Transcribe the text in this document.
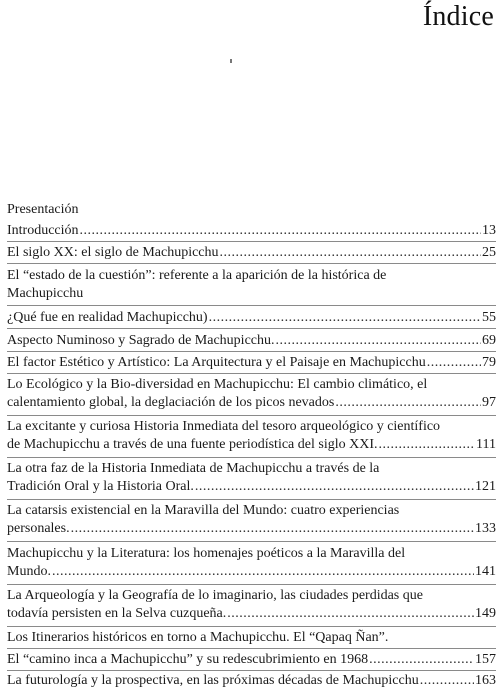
Índice
Presentación
Introducción .....	13
El siglo XX: el siglo de Machupicchu .....	25
El “estado de la cuestión”: referente a la aparición de la histórica de
Machupicchu
¿Qué fue en realidad Machupicchu) .....	55
Aspecto Numinoso y Sagrado de Machupicchu. .....	69
El factor Estético y Artístico: La Arquitectura y el Paisaje en Machupicchu .....	79
Lo Ecológico y la Bio-diversidad en Machupicchu: El cambio climático, el
calentamiento global, la deglaciación de los picos nevados .....	97
La excitante y curiosa Historia Inmediata del tesoro arqueológico y científico
de Machupicchu a través de una fuente periodística del siglo XXI. .....	111
La otra faz de la Historia Inmediata de Machupicchu a través de la
Tradición Oral y la Historia Oral. .....	121
La catarsis existencial en la Maravilla del Mundo: cuatro experiencias
personales. .....	133
Machupicchu y la Literatura: los homenajes poéticos a la Maravilla del
Mundo. .....	141
La Arqueología y la Geografía de lo imaginario, las ciudades perdidas que
todavía persisten en la Selva cuzqueña. .....	149
Los Itinerarios históricos en torno a Machupicchu. El “Qapaq Ñan”.
El “camino inca a Machupicchu” y su redescubrimiento en 1968 .....	157
La futurología y la prospectiva, en las próximas décadas de Machupicchu .....	163
